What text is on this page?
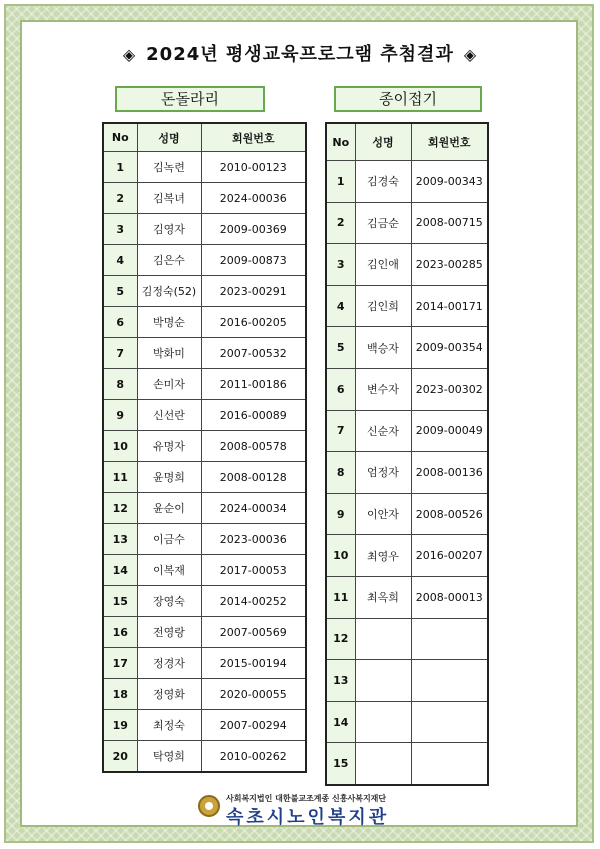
◈ 2024년 평생교육프로그램 추첨결과 ◈
돈돌라리	종이접기
No	성명	회원번호
1	김녹련	2010-00123
2	김복녀	2024-00036
3	김영자	2009-00369
4	김은수	2009-00873
5	김정숙(52)	2023-00291
6	박명순	2016-00205
7	박화미	2007-00532
8	손미자	2011-00186
9	신선란	2016-00089
10	유명자	2008-00578
11	윤명희	2008-00128
12	윤순이	2024-00034
13	이금수	2023-00036
14	이복재	2017-00053
15	장영숙	2014-00252
16	전영랑	2007-00569
17	정경자	2015-00194
18	정영화	2020-00055
19	최정숙	2007-00294
20	탁영희	2010-00262
No	성명	회원번호
1	김경숙	2009-00343
2	김금순	2008-00715
3	김인애	2023-00285
4	김인희	2014-00171
5	백승자	2009-00354
6	변수자	2023-00302
7	신순자	2009-00049
8	엄정자	2008-00136
9	이안자	2008-00526
10	최영우	2016-00207
11	최옥희	2008-00013
12		
13		
14		
15		
사회복지법인 대한불교조계종 신흥사복지재단
속초시노인복지관
